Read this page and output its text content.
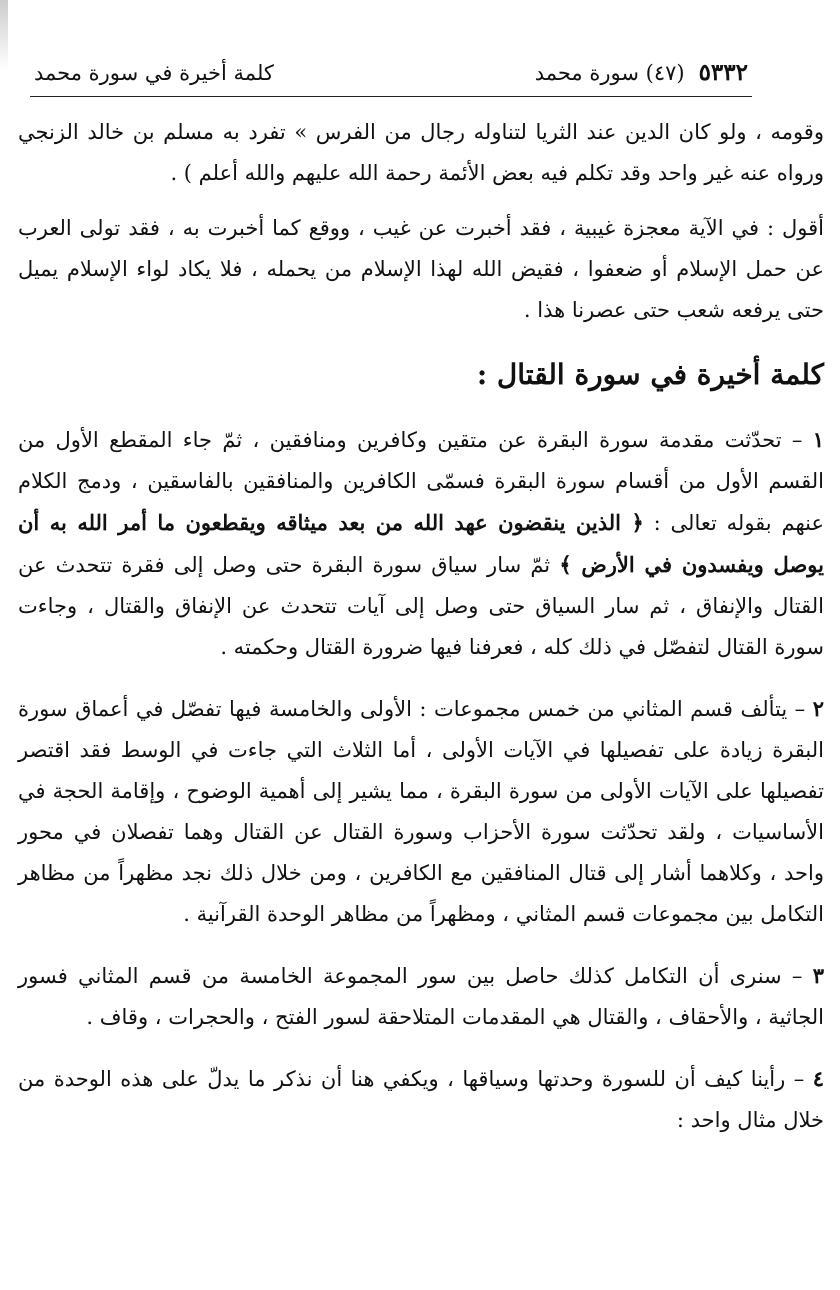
٥٣٣٢
(٤٧) سورة محمد
كلمة أخيرة في سورة محمد

وقومه ، ولو كان الدين عند الثريا لتناوله رجال من الفرس » تفرد به مسلم بن خالد الزنجي ورواه عنه غير واحد وقد تكلم فيه بعض الأئمة رحمة الله عليهم والله أعلم ) .

أقول : في الآية معجزة غيبية ، فقد أخبرت عن غيب ، ووقع كما أخبرت به ، فقد تولى العرب عن حمل الإسلام أو ضعفوا ، فقيض الله لهذا الإسلام من يحمله ، فلا يكاد لواء الإسلام يميل حتى يرفعه شعب حتى عصرنا هذا .

كلمة أخيرة في سورة القتال :

١ – تحدّثت مقدمة سورة البقرة عن متقين وكافرين ومنافقين ، ثمّ جاء المقطع الأول من القسم الأول من أقسام سورة البقرة فسمّى الكافرين والمنافقين بالفاسقين ، ودمج الكلام عنهم بقوله تعالى : ﴿ الذين ينقضون عهد الله من بعد ميثاقه ويقطعون ما أمر الله به أن يوصل ويفسدون في الأرض ﴾ ثمّ سار سياق سورة البقرة حتى وصل إلى فقرة تتحدث عن القتال والإنفاق ، ثم سار السياق حتى وصل إلى آيات تتحدث عن الإنفاق والقتال ، وجاءت سورة القتال لتفصّل في ذلك كله ، فعرفنا فيها ضرورة القتال وحكمته .

٢ – يتألف قسم المثاني من خمس مجموعات : الأولى والخامسة فيها تفصّل في أعماق سورة البقرة زيادة على تفصيلها في الآيات الأولى ، أما الثلاث التي جاءت في الوسط فقد اقتصر تفصيلها على الآيات الأولى من سورة البقرة ، مما يشير إلى أهمية الوضوح ، وإقامة الحجة في الأساسيات ، ولقد تحدّثت سورة الأحزاب وسورة القتال عن القتال وهما تفصلان في محور واحد ، وكلاهما أشار إلى قتال المنافقين مع الكافرين ، ومن خلال ذلك نجد مظهراً من مظاهر التكامل بين مجموعات قسم المثاني ، ومظهراً من مظاهر الوحدة القرآنية .

٣ – سنرى أن التكامل كذلك حاصل بين سور المجموعة الخامسة من قسم المثاني فسور الجاثية ، والأحقاف ، والقتال هي المقدمات المتلاحقة لسور الفتح ، والحجرات ، وقاف .

٤ – رأينا كيف أن للسورة وحدتها وسياقها ، ويكفي هنا أن نذكر ما يدلّ على هذه الوحدة من خلال مثال واحد :
